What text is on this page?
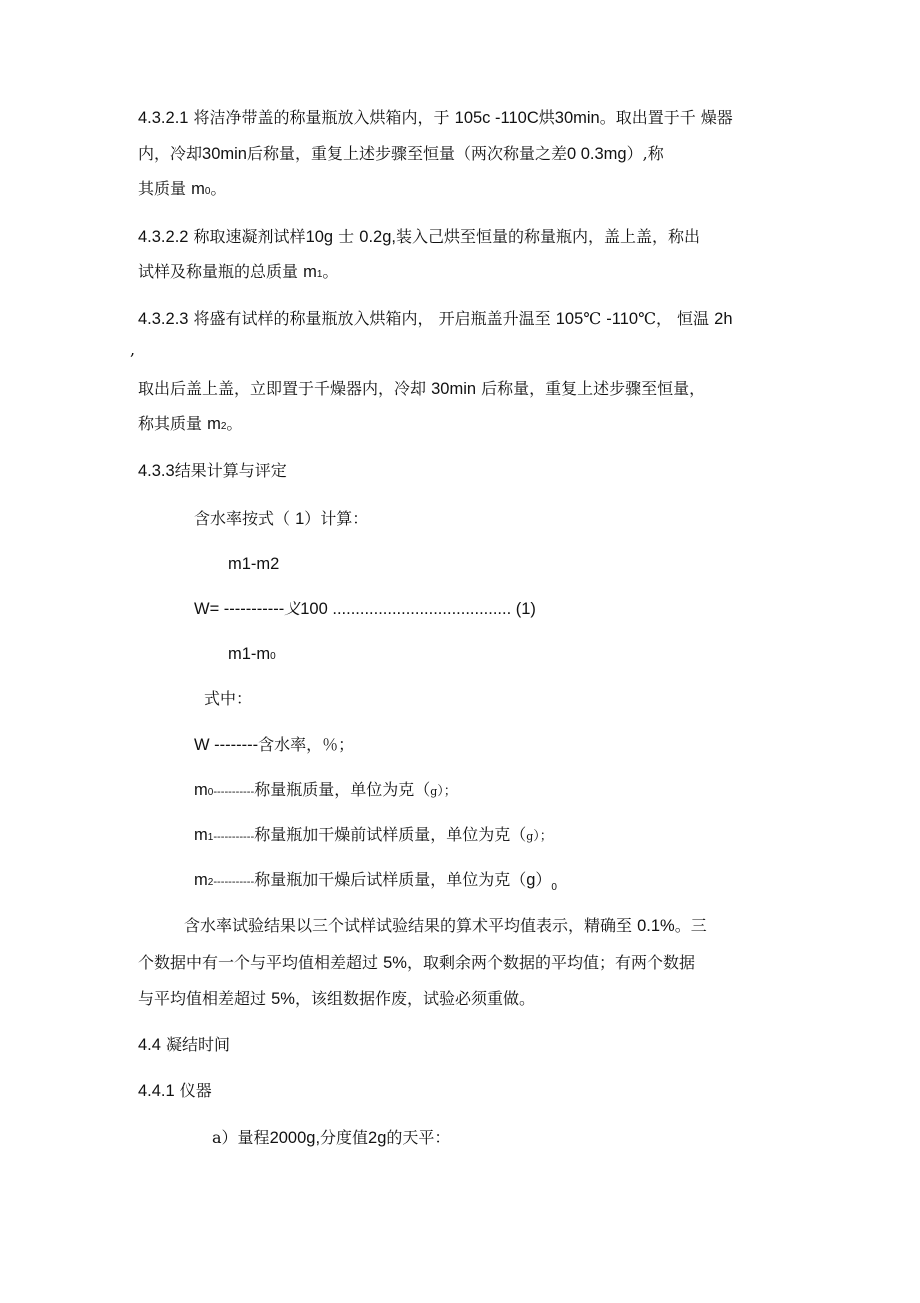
4.3.2.1 将洁净带盖的称量瓶放入烘箱内，于 105c -110C烘30min。取出置于千 燥器
内，冷却30min后称量，重复上述步骤至恒量（两次称量之差0 0.3mg）,称
其质量 m0。
4.3.2.2 称取速凝剂试样10g 士 0.2g,装入己烘至恒量的称量瓶内，盖上盖，称出
试样及称量瓶的总质量 m1。
4.3.2.3 将盛有试样的称量瓶放入烘箱内， 开启瓶盖升温至 105℃ -110℃， 恒温 2h
,
取出后盖上盖，立即置于千燥器内，冷却 30min 后称量，重复上述步骤至恒量，
称其质量 m2。
4.3.3结果计算与评定
含水率按式（ 1）计算：
m1-m2
W= -----------义100 ....................................... (1)
m1-m0
式中：
W --------含水率，％；
m0-----------称量瓶质量，单位为克（g）；
m1-----------称量瓶加干燥前试样质量，单位为克（g）；
m2-----------称量瓶加干燥后试样质量，单位为克$(g)_0$
含水率试验结果以三个试样试验结果的算术平均值表示，精确至 0.1%。三
个数据中有一个与平均值相差超过 5%，取剩余两个数据的平均值；有两个数据
与平均值相差超过 5%，该组数据作废，试验必须重做。
4.4 凝结时间
4.4.1 仪器
a）量程2000g,分度值2g的天平：
